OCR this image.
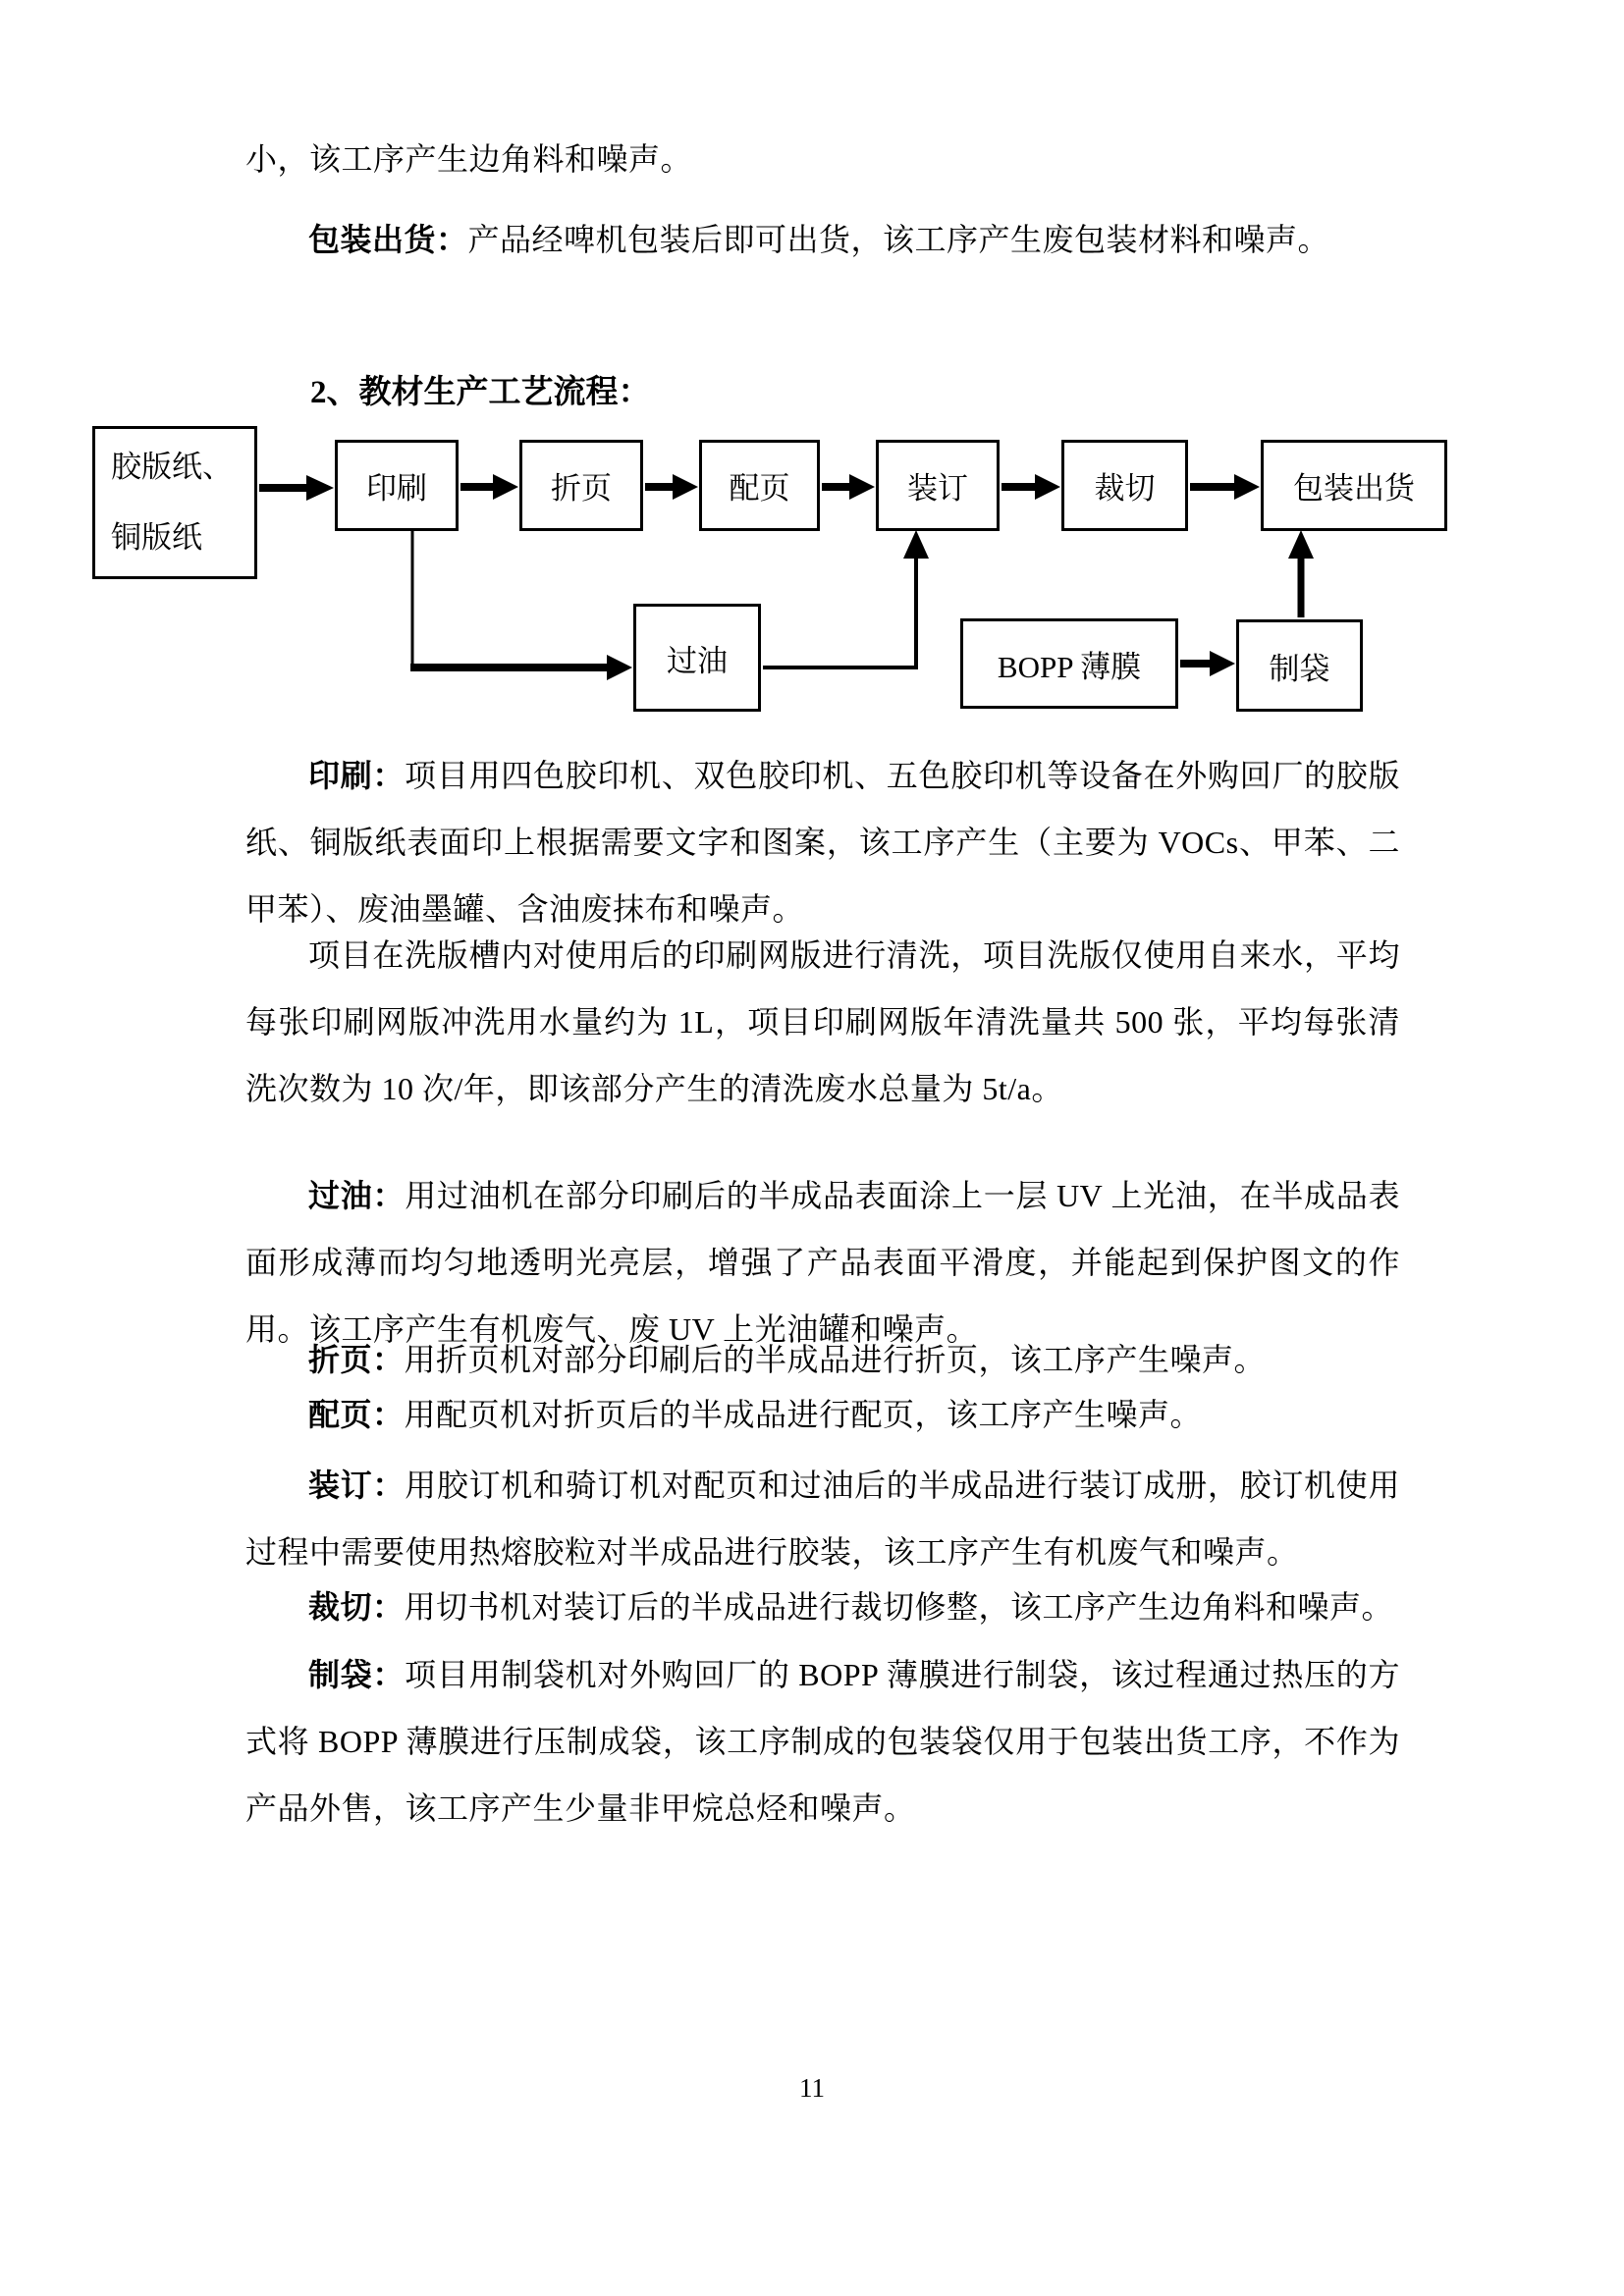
小，该工序产生边角料和噪声。

包装出货：产品经啤机包装后即可出货，该工序产生废包装材料和噪声。

2、教材生产工艺流程：

胶版纸、
铜版纸
印刷	折页	配页	装订	裁切	包装出货
过油	BOPP 薄膜	制袋

印刷：项目用四色胶印机、双色胶印机、五色胶印机等设备在外购回厂的胶版纸、铜版纸表面印上根据需要文字和图案，该工序产生（主要为 VOCs、甲苯、二甲苯）、废油墨罐、含油废抹布和噪声。

项目在洗版槽内对使用后的印刷网版进行清洗，项目洗版仅使用自来水，平均每张印刷网版冲洗用水量约为 1L，项目印刷网版年清洗量共 500 张，平均每张清洗次数为 10 次/年，即该部分产生的清洗废水总量为 5t/a。

过油：用过油机在部分印刷后的半成品表面涂上一层 UV 上光油，在半成品表面形成薄而均匀地透明光亮层，增强了产品表面平滑度，并能起到保护图文的作用。该工序产生有机废气、废 UV 上光油罐和噪声。

折页：用折页机对部分印刷后的半成品进行折页，该工序产生噪声。

配页：用配页机对折页后的半成品进行配页，该工序产生噪声。

装订：用胶订机和骑订机对配页和过油后的半成品进行装订成册，胶订机使用过程中需要使用热熔胶粒对半成品进行胶装，该工序产生有机废气和噪声。

裁切：用切书机对装订后的半成品进行裁切修整，该工序产生边角料和噪声。

制袋：项目用制袋机对外购回厂的 BOPP 薄膜进行制袋，该过程通过热压的方式将 BOPP 薄膜进行压制成袋，该工序制成的包装袋仅用于包装出货工序，不作为产品外售，该工序产生少量非甲烷总烃和噪声。

11
